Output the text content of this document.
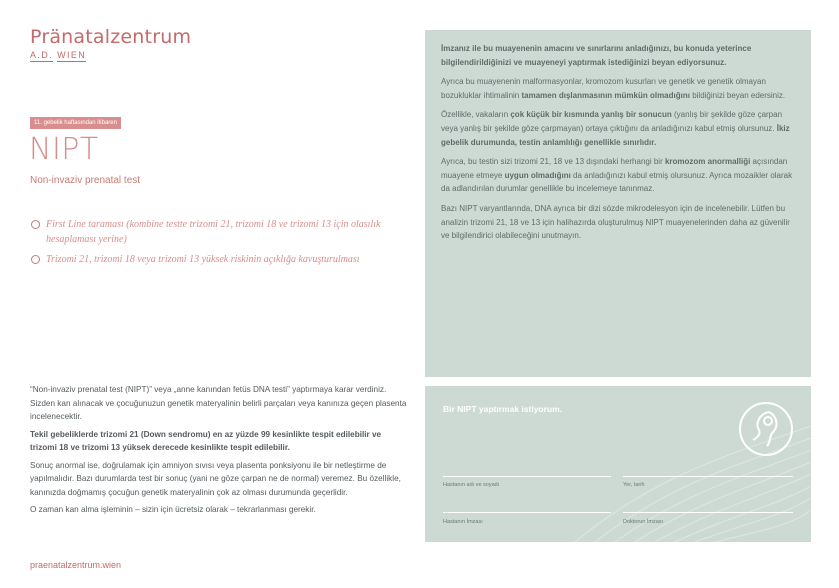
Pränatalzentrum
A.D. WIEN
11. gebelik haftasından itibaren
NIPT
Non-invaziv prenatal test
First Line taraması (kombine testte trizomi 21, trizomi 18 ve trizomi 13 için olasılık hesaplaması yerine)
Trizomi 21, trizomi 18 veya trizomi 13 yüksek riskinin açıklığa kavuşturulması

“Non-invaziv prenatal test (NIPT)” veya „anne kanından fetüs DNA testi” yaptırmaya karar verdiniz. Sizden kan alınacak ve çocuğunuzun genetik materyalinin belirli parçaları veya kanınıza geçen plasenta incelenecektir.

Tekil gebeliklerde trizomi 21 (Down sendromu) en az yüzde 99 kesinlikte tespit edilebilir ve trizomi 18 ve trizomi 13 yüksek derecede kesinlikte tespit edilebilir.

Sonuç anormal ise, doğrulamak için amniyon sıvısı veya plasenta ponksiyonu ile bir netleştirme de yapılmalıdır. Bazı durumlarda test bir sonuç (yani ne göze çarpan ne de normal) veremez. Bu özellikle, kanınızda doğmamış çocuğun genetik materyalinin çok az olması durumunda geçerlidir.

O zaman kan alma işleminin – sizin için ücretsiz olarak – tekrarlanması gerekir.

praenatalzentrum.wien

İmzanız ile bu muayenenin amacını ve sınırlarını anladığınızı, bu konuda yeterince bilgilendirildiğinizi ve muayeneyi yaptırmak istediğinizi beyan ediyorsunuz.

Ayrıca bu muayenenin malformasyonlar, kromozom kusurları ve genetik ve genetik olmayan bozukluklar ihtimalinin tamamen dışlanmasının mümkün olmadığını bildiğinizi beyan edersiniz.

Özellikle, vakaların çok küçük bir kısmında yanlış bir sonucun (yanlış bir şekilde göze çarpan veya yanlış bir şekilde göze çarpmayan) ortaya çıktığını da anladığınızı kabul etmiş olursunuz. İkiz gebelik durumunda, testin anlamlılığı genellikle sınırlıdır.

Ayrıca, bu testin sizi trizomi 21, 18 ve 13 dışındaki herhangi bir kromozom anormalliği açısından muayene etmeye uygun olmadığını da anladığınızı kabul etmiş olursunuz. Ayrıca mozaikler olarak da adlandırılan durumlar genellikle bu incelemeye tanınmaz.

Bazı NIPT varyantlarında, DNA ayrıca bir dizi sözde mikrodelesyon için de incelenebilir. Lütfen bu analizin trizomi 21, 18 ve 13 için halihazırda oluşturulmuş NIPT muayenelerinden daha az güvenilir ve bilgilendirici olabileceğini unutmayın.

Bir NIPT yaptırmak istiyorum.
Hastanın adı ve soyadı	Yer, tarih
Hastanın İmzası	Doktorun İmzası
